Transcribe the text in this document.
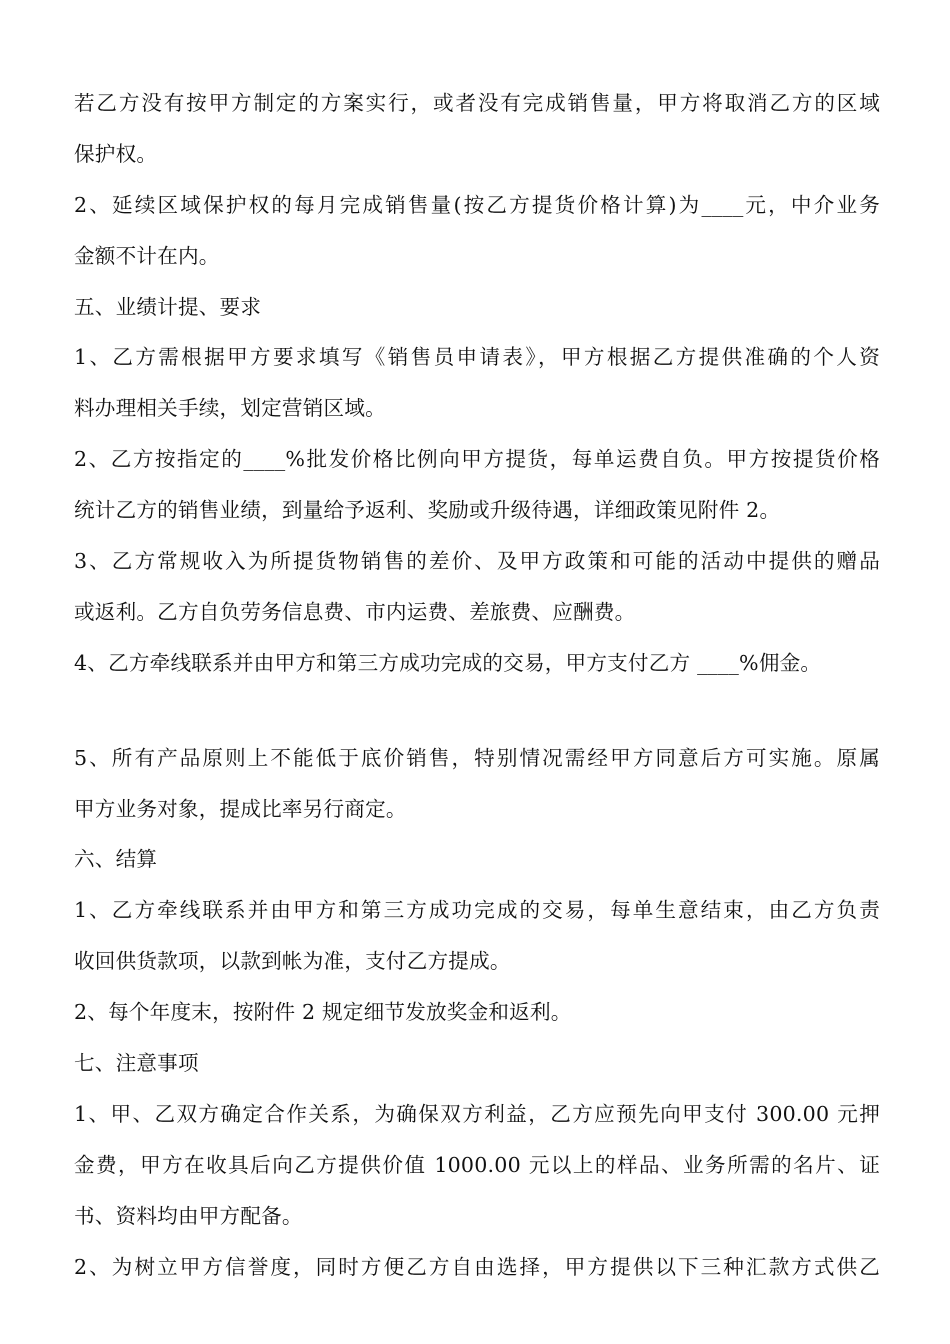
若乙方没有按甲方制定的方案实行，或者没有完成销售量，甲方将取消乙方的区域
保护权。
2、延续区域保护权的每月完成销售量(按乙方提货价格计算)为____元，中介业务
金额不计在内。
五、业绩计提、要求
1、乙方需根据甲方要求填写《销售员申请表》，甲方根据乙方提供准确的个人资
料办理相关手续，划定营销区域。
2、乙方按指定的____%批发价格比例向甲方提货，每单运费自负。甲方按提货价格
统计乙方的销售业绩，到量给予返利、奖励或升级待遇，详细政策见附件 2。
3、乙方常规收入为所提货物销售的差价、及甲方政策和可能的活动中提供的赠品
或返利。乙方自负劳务信息费、市内运费、差旅费、应酬费。
4、乙方牵线联系并由甲方和第三方成功完成的交易，甲方支付乙方 ____%佣金。
5、所有产品原则上不能低于底价销售，特别情况需经甲方同意后方可实施。原属
甲方业务对象，提成比率另行商定。
六、结算
1、乙方牵线联系并由甲方和第三方成功完成的交易，每单生意结束，由乙方负责
收回供货款项，以款到帐为准，支付乙方提成。
2、每个年度末，按附件 2 规定细节发放奖金和返利。
七、注意事项
1、甲、乙双方确定合作关系，为确保双方利益，乙方应预先向甲支付 300.00 元押
金费，甲方在收具后向乙方提供价值 1000.00 元以上的样品、业务所需的名片、证
书、资料均由甲方配备。
2、为树立甲方信誉度，同时方便乙方自由选择，甲方提供以下三种汇款方式供乙
